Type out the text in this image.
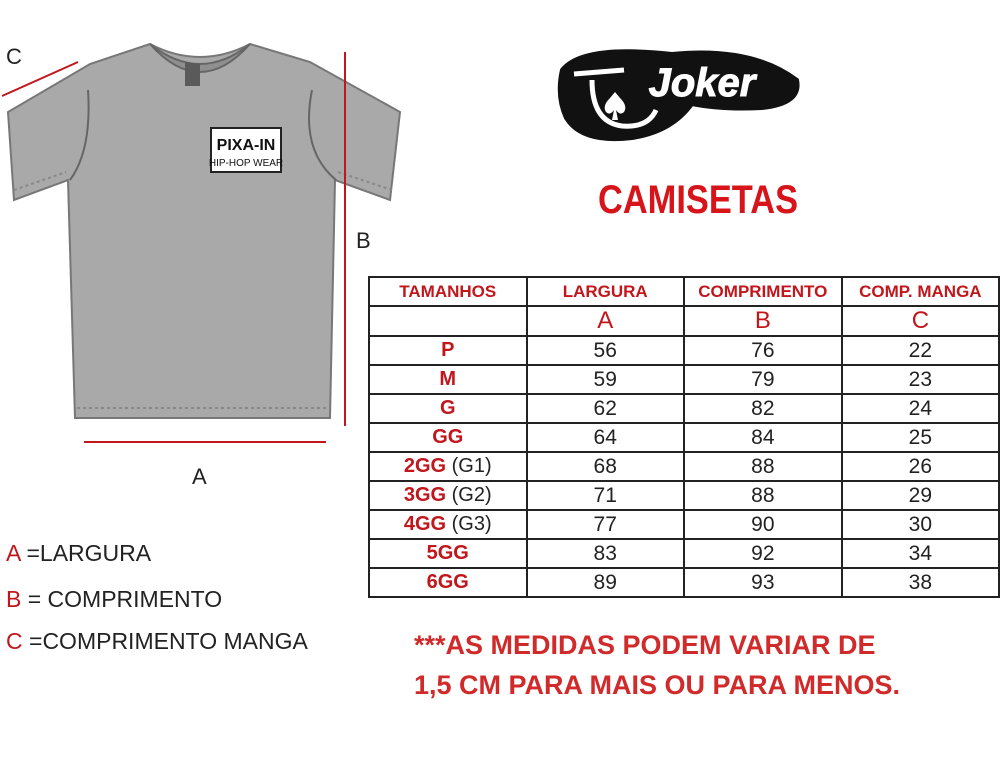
PIXA-IN
HIP-HOP WEAR
C
B
A
A =LARGURA
B = COMPRIMENTO
C =COMPRIMENTO MANGA
Joker
CAMISETAS
TAMANHOS	LARGURA	COMPRIMENTO	COMP. MANGA
	A	B	C
P	56	76	22
M	59	79	23
G	62	82	24
GG	64	84	25
2GG (G1)	68	88	26
3GG (G2)	71	88	29
4GG (G3)	77	90	30
5GG	83	92	34
6GG	89	93	38
***AS MEDIDAS PODEM VARIAR DE
1,5 CM PARA MAIS OU PARA MENOS.
